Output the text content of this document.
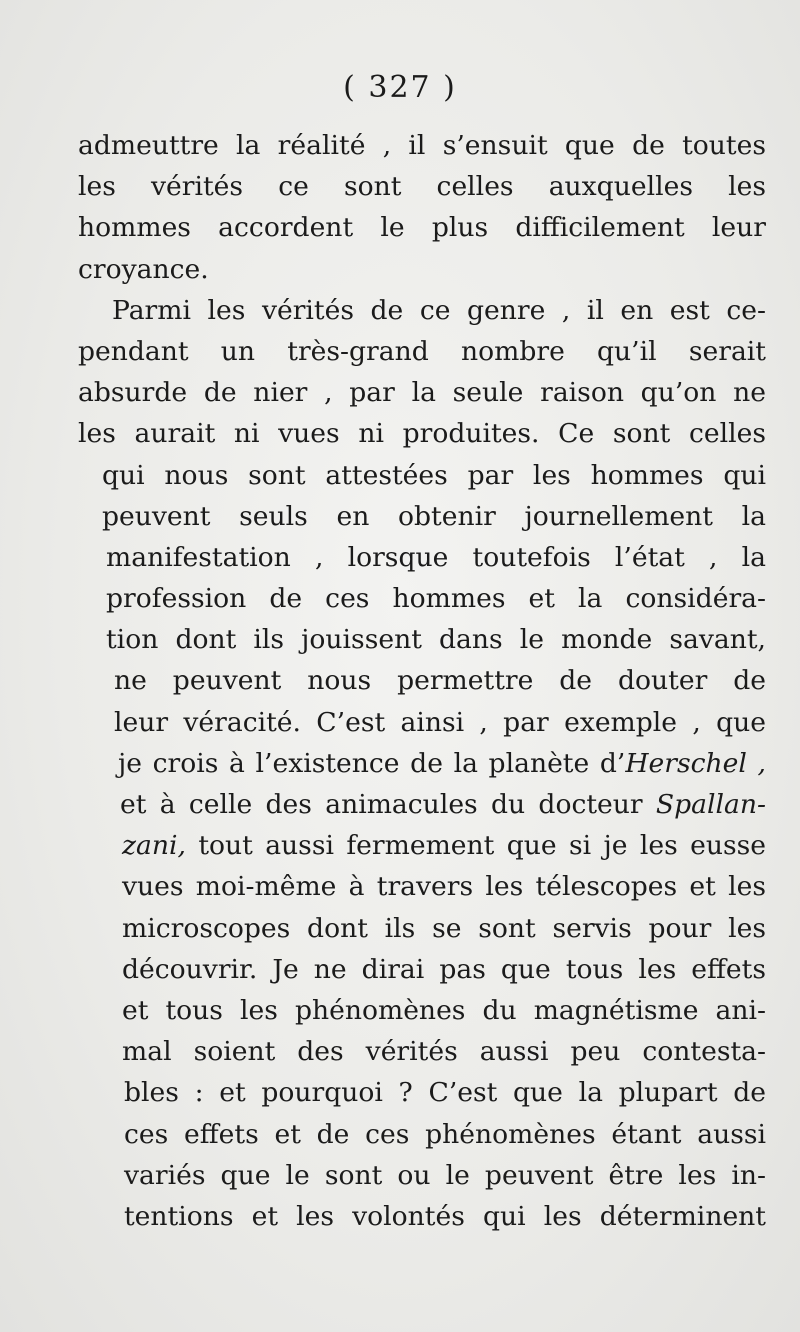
( 327 )
admeuttre la réalité , il s’ensuit que de toutes
les vérités ce sont celles auxquelles les
hommes accordent le plus difficilement leur
croyance.
Parmi les vérités de ce genre , il en est ce-
pendant un très-grand nombre qu’il serait
absurde de nier , par la seule raison qu’on ne
les aurait ni vues ni produites. Ce sont celles
qui nous sont attestées par les hommes qui
peuvent seuls en obtenir journellement la
manifestation , lorsque toutefois l’état , la
profession de ces hommes et la considéra-
tion dont ils jouissent dans le monde savant,
ne peuvent nous permettre de douter de
leur véracité. C’est ainsi , par exemple , que
je crois à l’existence de la planète d’Herschel ,
et à celle des animacules du docteur Spallan-
zani, tout aussi fermement que si je les eusse
vues moi-même à travers les télescopes et les
microscopes dont ils se sont servis pour les
découvrir. Je ne dirai pas que tous les effets
et tous les phénomènes du magnétisme ani-
mal soient des vérités aussi peu contesta-
bles : et pourquoi ? C’est que la plupart de
ces effets et de ces phénomènes étant aussi
variés que le sont ou le peuvent être les in-
tentions et les volontés qui les déterminent
